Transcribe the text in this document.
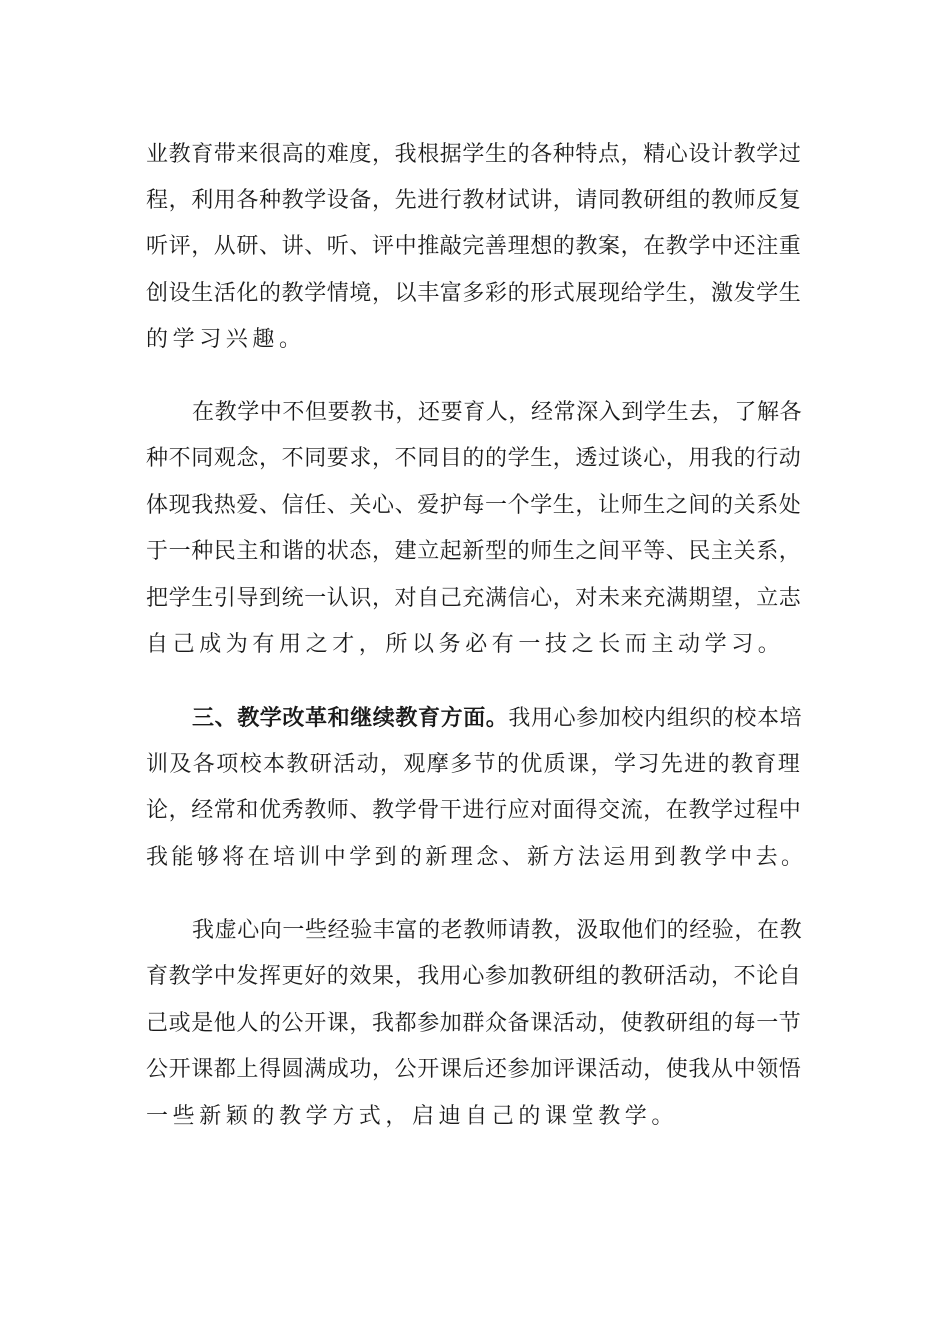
业教育带来很高的难度，我根据学生的各种特点，精心设计教学过
程，利用各种教学设备，先进行教材试讲，请同教研组的教师反复
听评，从研、讲、听、评中推敲完善理想的教案，在教学中还注重
创设生活化的教学情境，以丰富多彩的形式展现给学生，激发学生
的学习兴趣。
在教学中不但要教书，还要育人，经常深入到学生去，了解各
种不同观念，不同要求，不同目的的学生，透过谈心，用我的行动
体现我热爱、信任、关心、爱护每一个学生，让师生之间的关系处
于一种民主和谐的状态，建立起新型的师生之间平等、民主关系，
把学生引导到统一认识，对自己充满信心，对未来充满期望，立志
自己成为有用之才，所以务必有一技之长而主动学习。
三、教学改革和继续教育方面。我用心参加校内组织的校本培
训及各项校本教研活动，观摩多节的优质课，学习先进的教育理
论，经常和优秀教师、教学骨干进行应对面得交流，在教学过程中
我能够将在培训中学到的新理念、新方法运用到教学中去。
我虚心向一些经验丰富的老教师请教，汲取他们的经验，在教
育教学中发挥更好的效果，我用心参加教研组的教研活动，不论自
己或是他人的公开课，我都参加群众备课活动，使教研组的每一节
公开课都上得圆满成功，公开课后还参加评课活动，使我从中领悟
一些新颖的教学方式，启迪自己的课堂教学。
